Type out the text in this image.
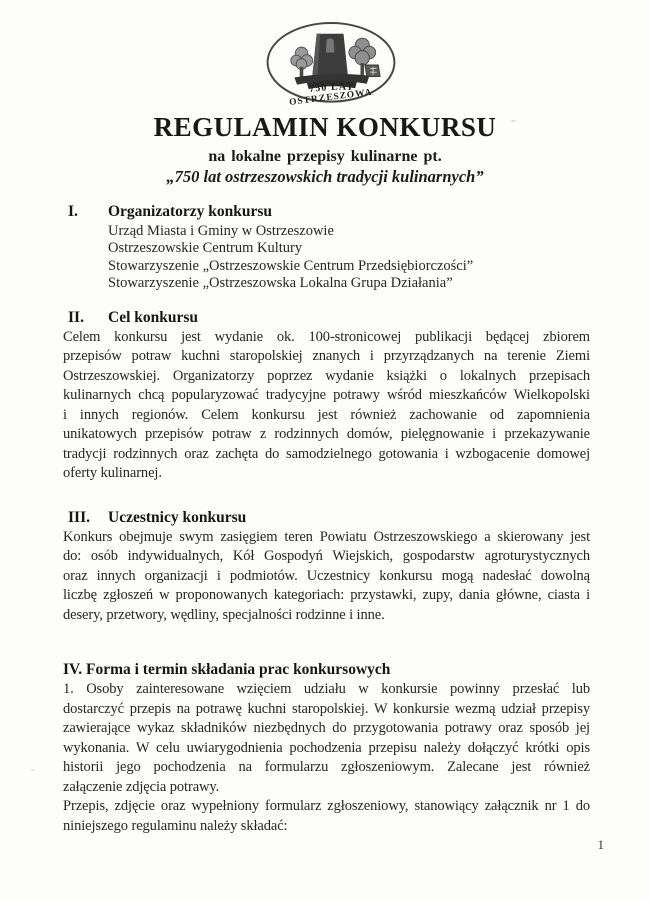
750 LAT
OSTRZESZOWA
REGULAMIN KONKURSU
na lokalne przepisy kulinarne pt.
„750 lat ostrzeszowskich tradycji kulinarnych”
I.	Organizatorzy konkursu
Urząd Miasta i Gminy w Ostrzeszowie
Ostrzeszowskie Centrum Kultury
Stowarzyszenie „Ostrzeszowskie Centrum Przedsiębiorczości”
Stowarzyszenie „Ostrzeszowska Lokalna Grupa Działania”
II.	Cel konkursu
Celem konkursu jest wydanie ok. 100-stronicowej publikacji będącej zbiorem
przepisów potraw kuchni staropolskiej znanych i przyrządzanych na terenie Ziemi
Ostrzeszowskiej. Organizatorzy poprzez wydanie książki o lokalnych przepisach
kulinarnych chcą popularyzować tradycyjne potrawy wśród mieszkańców Wielkopolski
i innych regionów. Celem konkursu jest również zachowanie od zapomnienia
unikatowych przepisów potraw z rodzinnych domów, pielęgnowanie i przekazywanie
tradycji rodzinnych oraz zachęta do samodzielnego gotowania i wzbogacenie domowej
oferty kulinarnej.
III.	Uczestnicy konkursu
Konkurs obejmuje swym zasięgiem teren Powiatu Ostrzeszowskiego a skierowany jest
do: osób indywidualnych, Kół Gospodyń Wiejskich, gospodarstw agroturystycznych
oraz innych organizacji i podmiotów. Uczestnicy konkursu mogą nadesłać dowolną
liczbę zgłoszeń w proponowanych kategoriach: przystawki, zupy, dania główne, ciasta i
desery, przetwory, wędliny, specjalności rodzinne i inne.
IV. Forma i termin składania prac konkursowych
1. Osoby zainteresowane wzięciem udziału w konkursie powinny przesłać lub
dostarczyć przepis na potrawę kuchni staropolskiej. W konkursie wezmą udział przepisy
zawierające wykaz składników niezbędnych do przygotowania potrawy oraz sposób jej
wykonania. W celu uwiarygodnienia pochodzenia przepisu należy dołączyć krótki opis
historii jego pochodzenia na formularzu zgłoszeniowym. Zalecane jest również
załączenie zdjęcia potrawy.
Przepis, zdjęcie oraz wypełniony formularz zgłoszeniowy, stanowiący załącznik nr 1 do
niniejszego regulaminu należy składać:
1
